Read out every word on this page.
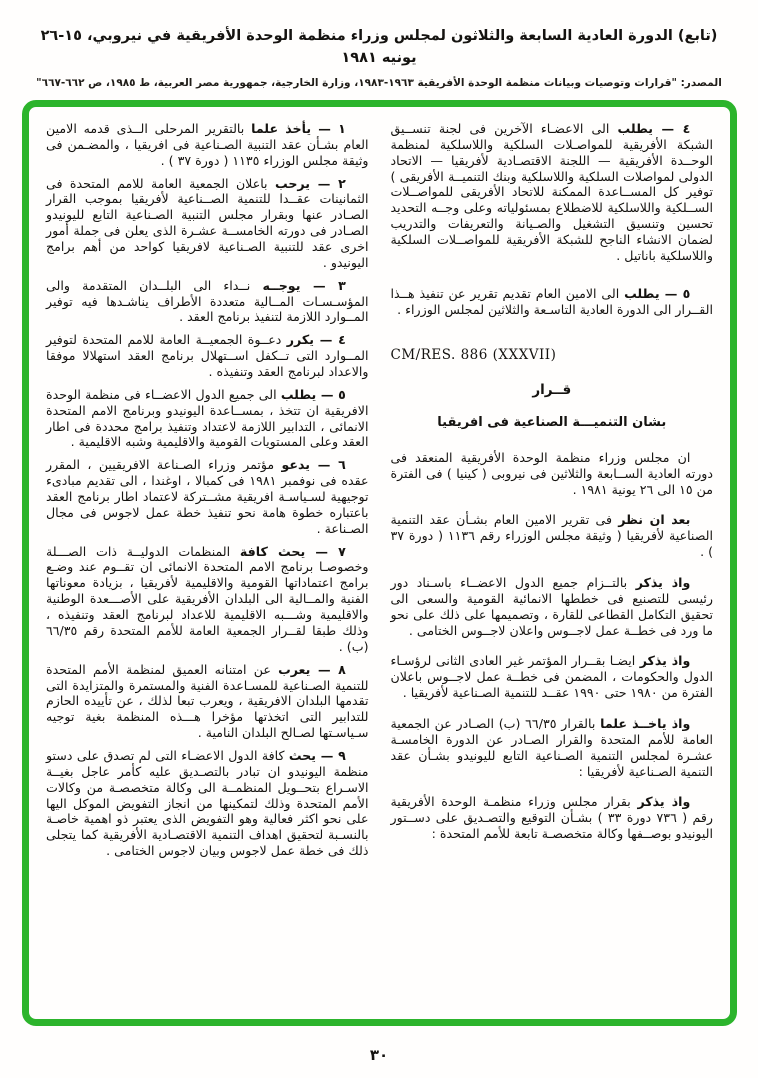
(تابع) الدورة العادية السابعة والثلاثون لمجلس وزراء منظمة الوحدة الأفريقية في نيروبي، ١٥-٢٦ يونيه ١٩٨١
المصدر: "قرارات وتوصيات وبيانات منظمة الوحدة الأفريقية ١٩٦٣-١٩٨٣، وزارة الخارجية، جمهورية مصر العربية، ط ١٩٨٥، ص ٦٦٢-٦٦٧"

٤ — يطلب الى الاعضـاء الآخرين فى لجنة تنســيق الشبكة الأفريقية للمواصـلات السلكية واللاسلكية لمنظمة الوحــدة الأفريقية — اللجنة الاقتصـادية لأفريقيا — الاتحاد الدولى لمواصلات السلكية واللاسلكية وبنك التنميــة الأفريقى ) توفير كل المســاعدة الممكنة للاتحاد الأفريقى للمواصــلات الســلكية واللاسلكية للاضطلاع بمسئولياته وعلى وجــه التحديد تحسين وتنسيق التشغيل والصـيانة والتعريفات والتدريب لضمان الانشاء الناجح للشبكة الأفريقية للمواصــلات السلكية واللاسلكية باناتيل .

٥ — يطلب الى الامين العام تقديم تقرير عن تنفيذ هــذا القــرار الى الدورة العادية التاسـعة والثلاثين لمجلس الوزراء .

CM/RES. 886 (XXXVII)
قــرار
بشان التنميـــة الصناعية فى افريقيا

ان مجلس وزراء منظمة الوحدة الأفريقية المنعقد فى دورته العادية الســابعة والثلاثين فى نيروبى ( كينيا ) فى الفترة من ١٥ الى ٢٦ يونية ١٩٨١ .

بعد ان نظر فى تقرير الامين العام بشـأن عقد التنمية الصناعية لأفريقيا ( وثيقة مجلس الوزراء رقم ١١٣٦ ( دورة ٣٧ ) .

واذ يذكر بالتــزام جميع الدول الاعضــاء باسـناد دور رئيسى للتصنيع فى خططها الانمائية القومية والسعى الى تحقيق التكامل القطاعى للقارة ، وتصميمها على ذلك على نحو ما ورد فى خطــة عمل لاجــوس واعلان لاجــوس الختامى .

واذ يذكر ايضـا بقــرار المؤتمر غير العادى الثانى لرؤسـاء الدول والحكومات ، المضمن فى خطــة عمل لاجــوس باعلان الفترة من ١٩٨٠ حتى ١٩٩٠ عقــد للتنمية الصـناعية لأفريقيا .

واذ ياخــذ علما بالقرار ٦٦/٣٥ (ب) الصـادر عن الجمعية العامة للأمم المتحدة والقرار الصـادر عن الدورة الخامسـة عشـرة لمجلس التنمية الصـناعية التابع لليونيدو بشـأن عقد التنمية الصـناعية لأفريقيا :

واذ يذكر بقرار مجلس وزراء منظمـة الوحدة الأفريقية رقم ( ٧٣٦ دورة ٣٣ ) بشـأن التوقيع والتصـديق على دســتور اليونيدو بوصــفها وكالة متخصصـة تابعة للأمم المتحدة :

١ — يأخذ علما بالتقرير المرحلى الــذى قدمه الامين العام بشـأن عقد التنبية الصـناعية فى افريقيا ، والمضـمن فى وثيقة مجلس الوزراء ١١٣٥ ( دورة ٣٧ ) .

٢ — يرحب باعلان الجمعية العامة للامم المتحدة فى الثمانينات عقــدا للتنمية الصــناعية لأفريقيا بموجب القرار الصـادر عنها وبقرار مجلس التنبية الصـناعية التابع لليونيدو الصـادر فى دورته الخامســة عشـرة الذى يعلن فى جملة أمور اخرى عقد للتنبية الصـناعية لافريقيا كواحد من أهم برامج اليونيدو .

٣ — يوجــه نــداء الى البلــدان المتقدمة والى المؤسـسـات المــالية متعددة الأطراف يناشـدها فيه توفير المــوارد اللازمة لتنفيذ برنامج العقد .

٤ — يكرر دعــوة الجمعيــة العامة للامم المتحدة لتوفير المــوارد التى تــكفل اســتهلال برنامج العقد استهلالا موفقا والاعداد لبرنامج العقد وتنفيذه .

٥ — يطلب الى جميع الدول الاعضــاء فى منظمة الوحدة الافريقية ان تتخذ ، بمســاعدة اليونيدو وبرنامج الامم المتحدة الانمائى ، التدابير اللازمة لاعتداد وتنفيذ برامج محددة فى اطار العقد وعلى المستويات القومية والاقليمية وشبه الاقليمية .

٦ — يدعو مؤتمر وزراء الصـناعة الافريقيين ، المقرر عقده فى نوفمبر ١٩٨١ فى كمبالا ، اوغندا ، الى تقديم مبادىء توجيهية لسـياسـة افريقية مشــتركة لاعتماد اطار برنامج العقد باعتباره خطوة هامة نحو تنفيذ خطة عمل لاجوس فى مجال الصـناعة .

٧ — يحث كافة المنظمات الدوليــة ذات الصـــلة وخصوصـا برنامج الامم المتحدة الانمائى ان تقــوم عند وضـع برامج اعتماداتها القومية والاقليمية لأفريقيا ، بزيادة معوناتها الفنية والمــالية الى البلدان الأفريقية على الأصـــعدة الوطنية والاقليمية وشـــبه الاقليمية للاعداد لبرنامج العقد وتنفيذه ، وذلك طبقا لقــرار الجمعية العامة للأمم المتحدة رقم ٦٦/٣٥ (ب) .

٨ — يعرب عن امتنانه العميق لمنظمة الأمم المتحدة للتنمية الصـناعية للمسـاعدة الفنية والمستمرة والمتزايدة التى تقدمها البلدان الافريقية ، ويعرب تبعا لذلك ، عن تأييده الحازم للتدابير التى اتخذتها مؤخرا هـــذه المنظمة بغية توجيه سـياسـتها لصـالح البلدان النامية .

٩ — يحث كافة الدول الاعضـاء التى لم تصدق على دستو منظمة اليونيدو ان تبادر بالتصـديق عليه كأمر عاجل بغيــة الاسـراع بتحــويل المنظمــة الى وكالة متخصصـة من وكالات الأمم المتحدة وذلك لتمكينها من انجاز التفويض الموكل اليها على نحو اكثر فعالية وهو التفويض الذى يعتبر ذو اهمية خاصـة بالنسـبة لتحقيق اهداف التنمية الاقتصـادية الأفريقية كما يتجلى ذلك فى خطة عمل لاجوس وبيان لاجوس الختامى .

٣٠
